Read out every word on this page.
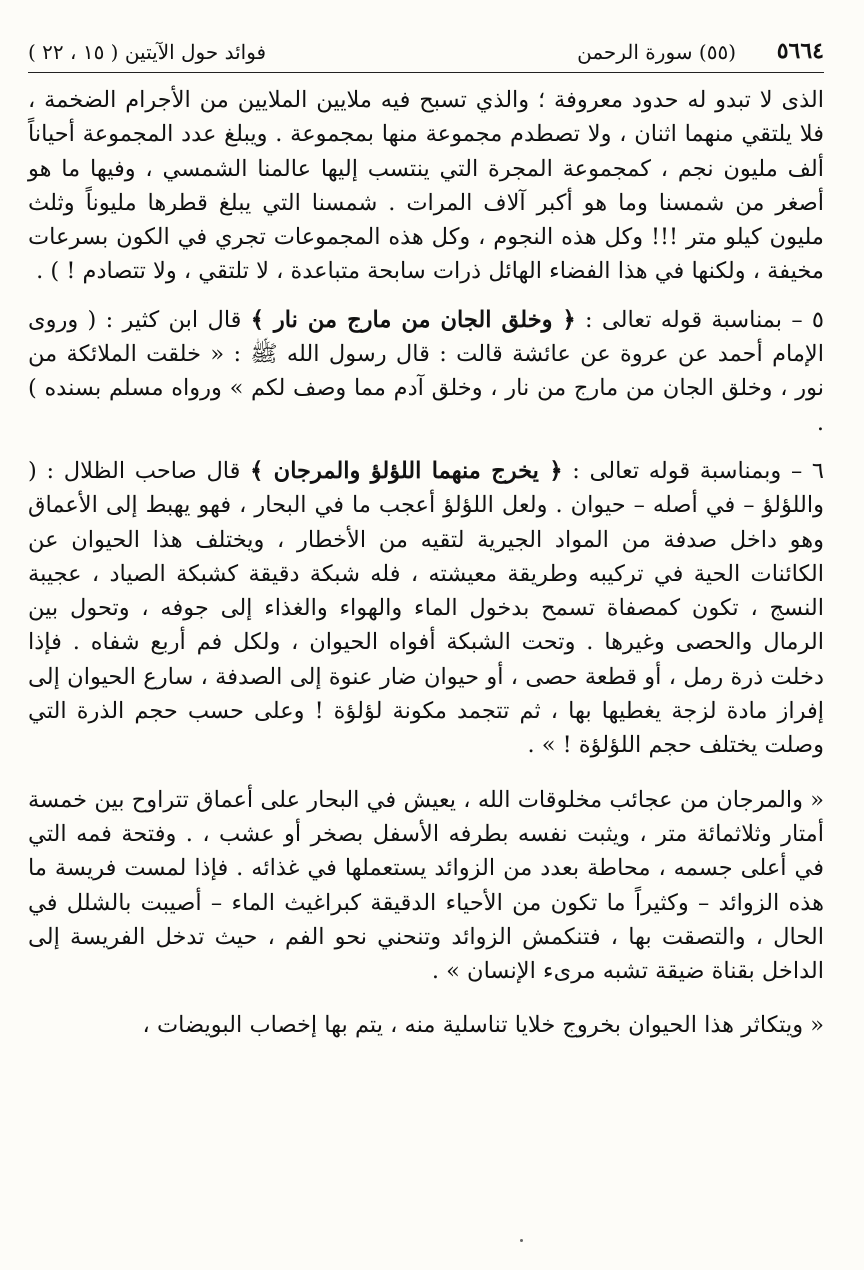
٥٦٦٤
(٥٥) سورة الرحمن
فوائد حول الآيتين ( ١٥ ، ٢٢ )

الذى لا تبدو له حدود معروفة ؛ والذي تسبح فيه ملايين الملايين من الأجرام الضخمة ، فلا يلتقي منهما اثنان ، ولا تصطدم مجموعة منها بمجموعة . ويبلغ عدد المجموعة أحياناً ألف مليون نجم ، كمجموعة المجرة التي ينتسب إليها عالمنا الشمسي ، وفيها ما هو أصغر من شمسنا وما هو أكبر آلاف المرات . شمسنا التي يبلغ قطرها مليوناً وثلث مليون كيلو متر !!! وكل هذه النجوم ، وكل هذه المجموعات تجري في الكون بسرعات مخيفة ، ولكنها في هذا الفضاء الهائل ذرات سابحة متباعدة ، لا تلتقي ، ولا تتصادم ! ) .

٥ – بمناسبة قوله تعالى : ﴿ وخلق الجان من مارج من نار ﴾ قال ابن كثير : ( وروى الإمام أحمد عن عروة عن عائشة قالت : قال رسول الله ﷺ : « خلقت الملائكة من نور ، وخلق الجان من مارج من نار ، وخلق آدم مما وصف لكم » ورواه مسلم بسنده ) .

٦ – وبمناسبة قوله تعالى : ﴿ يخرج منهما اللؤلؤ والمرجان ﴾ قال صاحب الظلال : ( واللؤلؤ – في أصله – حيوان . ولعل اللؤلؤ أعجب ما في البحار ، فهو يهبط إلى الأعماق وهو داخل صدفة من المواد الجيرية لتقيه من الأخطار ، ويختلف هذا الحيوان عن الكائنات الحية في تركيبه وطريقة معيشته ، فله شبكة دقيقة كشبكة الصياد ، عجيبة النسج ، تكون كمصفاة تسمح بدخول الماء والهواء والغذاء إلى جوفه ، وتحول بين الرمال والحصى وغيرها . وتحت الشبكة أفواه الحيوان ، ولكل فم أربع شفاه . فإذا دخلت ذرة رمل ، أو قطعة حصى ، أو حيوان ضار عنوة إلى الصدفة ، سارع الحيوان إلى إفراز مادة لزجة يغطيها بها ، ثم تتجمد مكونة لؤلؤة ! وعلى حسب حجم الذرة التي وصلت يختلف حجم اللؤلؤة ! » .

« والمرجان من عجائب مخلوقات الله ، يعيش في البحار على أعماق تتراوح بين خمسة أمتار وثلاثمائة متر ، ويثبت نفسه بطرفه الأسفل بصخر أو عشب ، . وفتحة فمه التي في أعلى جسمه ، محاطة بعدد من الزوائد يستعملها في غذائه . فإذا لمست فريسة ما هذه الزوائد – وكثيراً ما تكون من الأحياء الدقيقة كبراغيث الماء – أصيبت بالشلل في الحال ، والتصقت بها ، فتنكمش الزوائد وتنحني نحو الفم ، حيث تدخل الفريسة إلى الداخل بقناة ضيقة تشبه مرىء الإنسان » .

« ويتكاثر هذا الحيوان بخروج خلايا تناسلية منه ، يتم بها إخصاب البويضات ،
